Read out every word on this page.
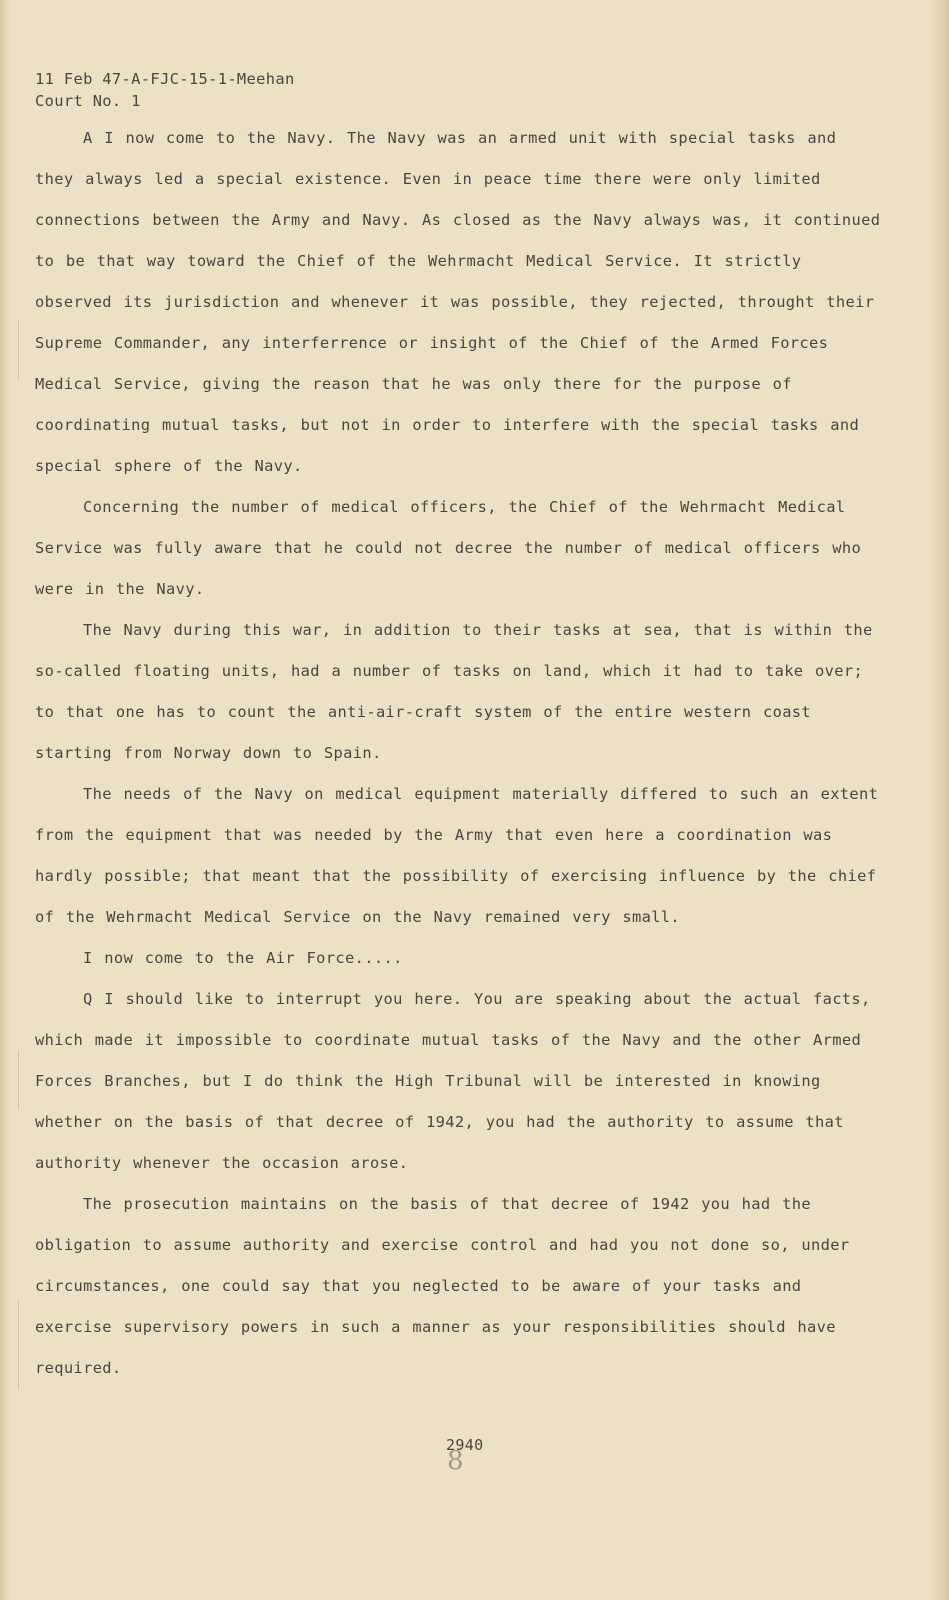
11 Feb 47-A-FJC-15-1-Meehan
Court No. 1

A I now come to the Navy. The Navy was an armed unit with special tasks and they always led a special existence. Even in peace time there were only limited connections between the Army and Navy. As closed as the Navy always was, it continued to be that way toward the Chief of the Wehrmacht Medical Service. It strictly observed its jurisdiction and whenever it was possible, they rejected, throught their Supreme Commander, any interferrence or insight of the Chief of the Armed Forces Medical Service, giving the reason that he was only there for the purpose of coordinating mutual tasks, but not in order to interfere with the special tasks and special sphere of the Navy.

Concerning the number of medical officers, the Chief of the Wehrmacht Medical Service was fully aware that he could not decree the number of medical officers who were in the Navy.

The Navy during this war, in addition to their tasks at sea, that is within the so-called floating units, had a number of tasks on land, which it had to take over; to that one has to count the anti-air-craft system of the entire western coast starting from Norway down to Spain.

The needs of the Navy on medical equipment materially differed to such an extent from the equipment that was needed by the Army that even here a coordination was hardly possible; that meant that the possibility of exercising influence by the chief of the Wehrmacht Medical Service on the Navy remained very small.

I now come to the Air Force.....

Q I should like to interrupt you here. You are speaking about the actual facts, which made it impossible to coordinate mutual tasks of the Navy and the other Armed Forces Branches, but I do think the High Tribunal will be interested in knowing whether on the basis of that decree of 1942, you had the authority to assume that authority whenever the occasion arose.

The prosecution maintains on the basis of that decree of 1942 you had the obligation to assume authority and exercise control and had you not done so, under circumstances, one could say that you neglected to be aware of your tasks and exercise supervisory powers in such a manner as your responsibilities should have required.

2940
8
